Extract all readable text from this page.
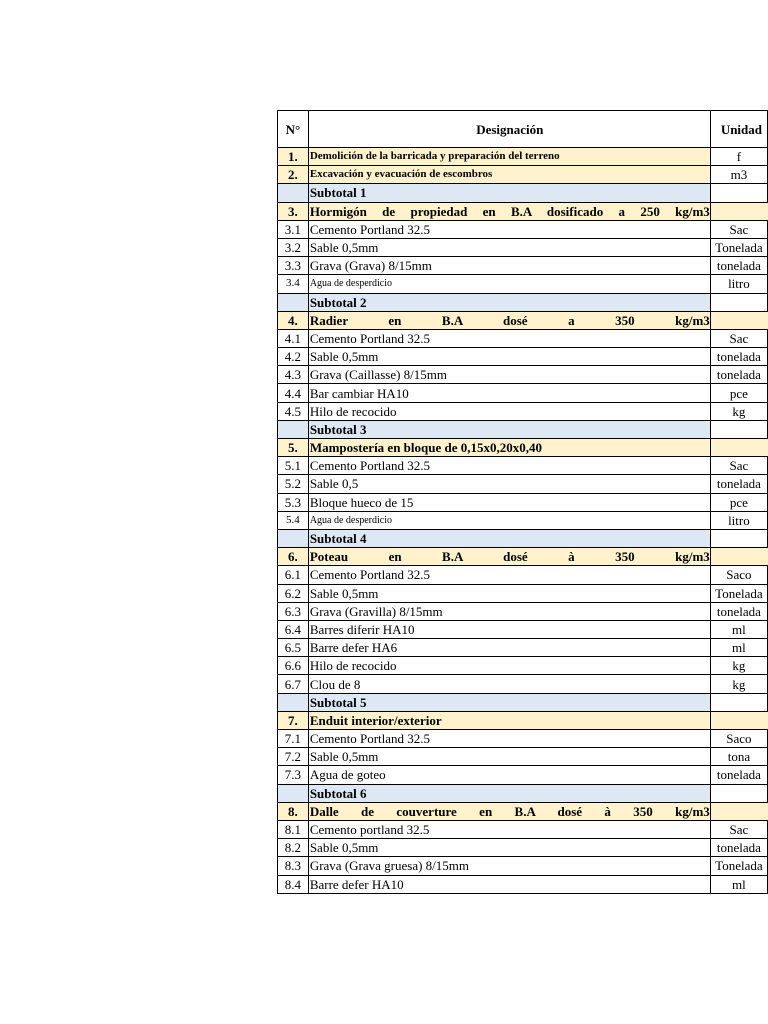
N°	Designación	Unidad
1.	Demolición de la barricada y preparación del terreno	f
2.	Excavación y evacuación de escombros	m3
	Subtotal 1	
3.	Hormigón de propiedad en B.A dosificado a 250 kg/m3	

3.1	Cemento Portland 32.5	Sac
3.2	Sable 0,5mm	Tonelada
3.3	Grava (Grava) 8/15mm	tonelada
3.4	Agua de desperdicio	litro
	Subtotal 2	
4.	Radier en B.A dosé a 350 kg/m3	

4.1	Cemento Portland 32.5	Sac
4.2	Sable 0,5mm	tonelada
4.3	Grava (Caillasse) 8/15mm	tonelada
4.4	Bar cambiar HA10	pce
4.5	Hilo de recocido	kg
	Subtotal 3	
5.	Mampostería en bloque de 0,15x0,20x0,40	

5.1	Cemento Portland 32.5	Sac
5.2	Sable 0,5	tonelada
5.3	Bloque hueco de 15	pce
5.4	Agua de desperdicio	litro
	Subtotal 4	
6.	Poteau en B.A dosé à 350 kg/m3	

6.1	Cemento Portland 32.5	Saco
6.2	Sable 0,5mm	Tonelada
6.3	Grava (Gravilla) 8/15mm	tonelada
6.4	Barres diferir HA10	ml
6.5	Barre defer HA6	ml
6.6	Hilo de recocido	kg
6.7	Clou de 8	kg
	Subtotal 5	
7.	Enduit interior/exterior	

7.1	Cemento Portland 32.5	Saco
7.2	Sable 0,5mm	tona
7.3	Agua de goteo	tonelada
	Subtotal 6	
8.	Dalle de couverture en B.A dosé à 350 kg/m3	

8.1	Cemento portland 32.5	Sac
8.2	Sable 0,5mm	tonelada
8.3	Grava (Grava gruesa) 8/15mm	Tonelada
8.4	Barre defer HA10	ml
